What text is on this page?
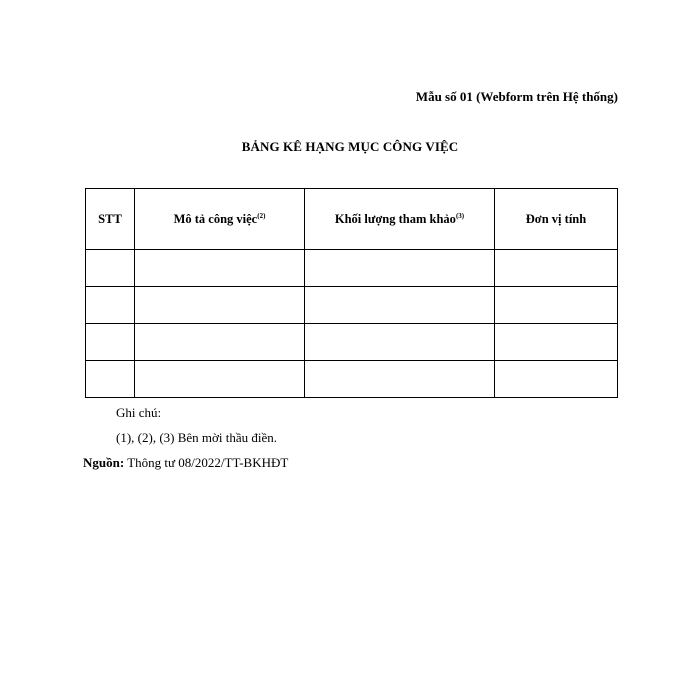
Mẫu số 01 (Webform trên Hệ thống)
BẢNG KÊ HẠNG MỤC CÔNG VIỆC
STT	Mô tả công việc$^{(2)}$	Khối lượng tham khảo$^{(3)}$	Đơn vị tính

Ghi chú:
(1), (2), (3) Bên mời thầu điền.
Nguồn: Thông tư 08/2022/TT-BKHĐT
